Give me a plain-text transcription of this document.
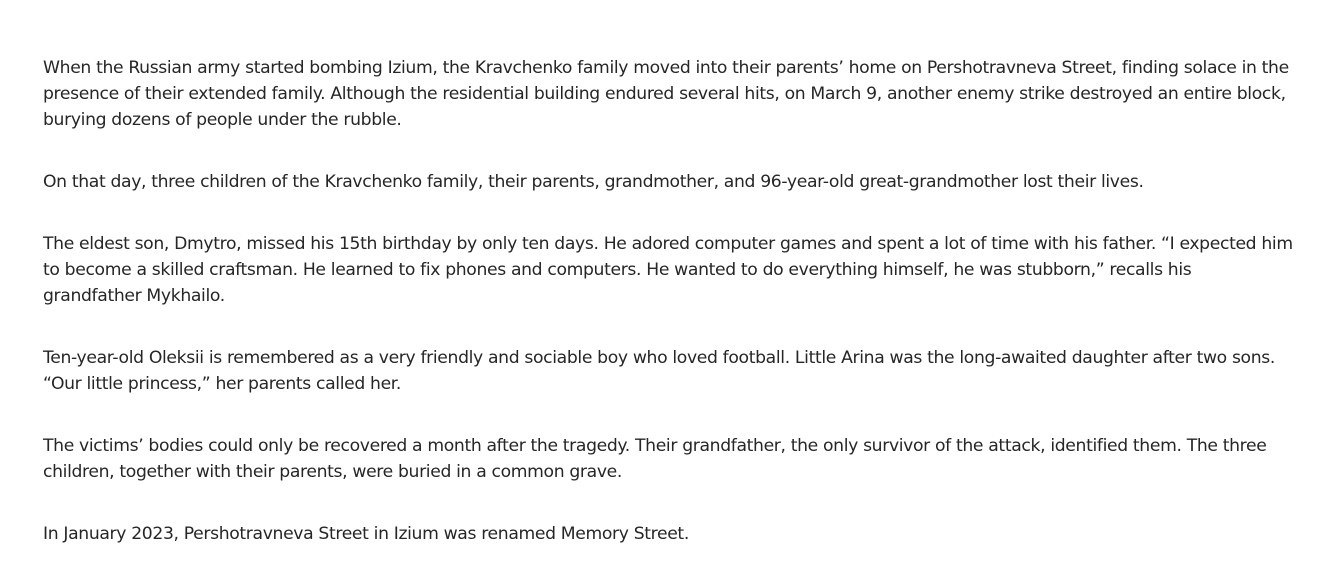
When the Russian army started bombing Izium, the Kravchenko family moved into their parents’ home on Pershotravneva Street, finding solace in the presence of their extended family. Although the residential building endured several hits, on March 9, another enemy strike destroyed an entire block, burying dozens of people under the rubble.

On that day, three children of the Kravchenko family, their parents, grandmother, and 96-year-old great-grandmother lost their lives.

The eldest son, Dmytro, missed his 15th birthday by only ten days. He adored computer games and spent a lot of time with his father. “I expected him to become a skilled craftsman. He learned to fix phones and computers. He wanted to do everything himself, he was stubborn,” recalls his grandfather Mykhailo.

Ten-year-old Oleksii is remembered as a very friendly and sociable boy who loved football. Little Arina was the long-awaited daughter after two sons. “Our little princess,” her parents called her.

The victims’ bodies could only be recovered a month after the tragedy. Their grandfather, the only survivor of the attack, identified them. The three children, together with their parents, were buried in a common grave.

In January 2023, Pershotravneva Street in Izium was renamed Memory Street.
